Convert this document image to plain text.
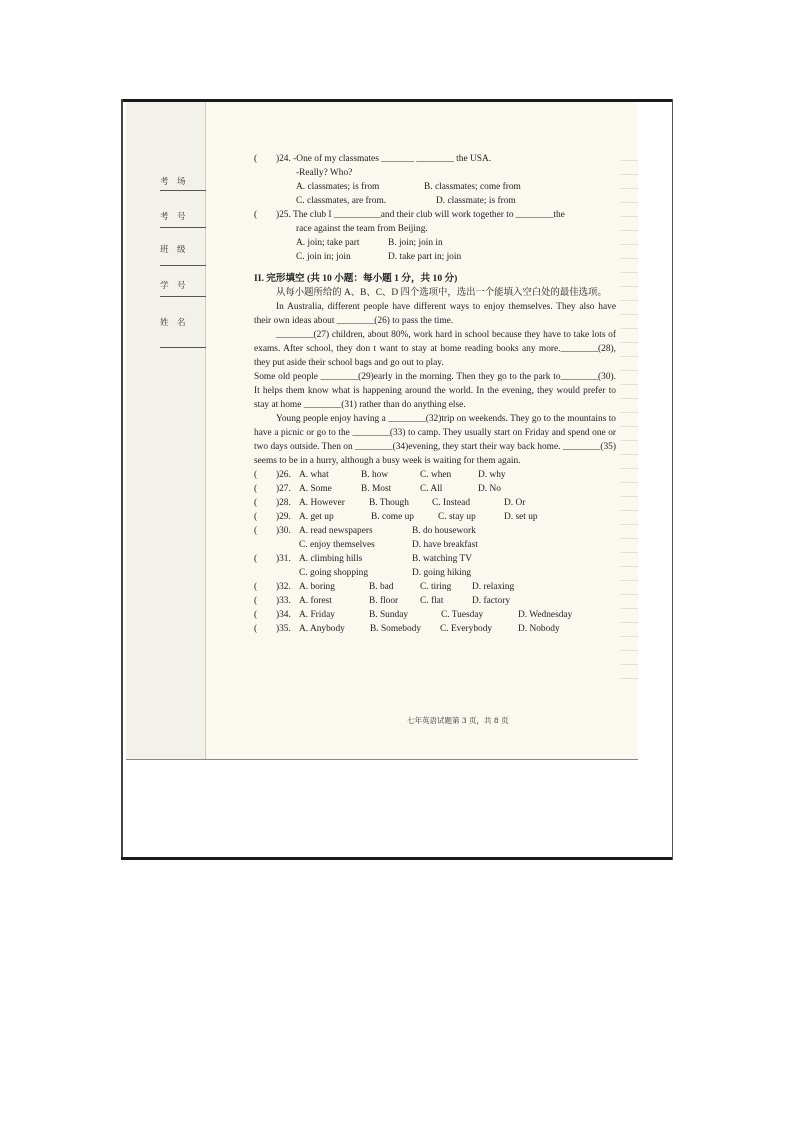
考　场
考　号
班　级
学　号
姓　名
( )24. -One of my classmates _______ ________ the USA.
-Really? Who?
A. classmates; is from	B. classmates; come from
C. classmates, are from.	D. classmate; is from
( )25. The club I __________and their club will work together to ________the
race against the team from Beijing.
A. join; take part	B. join; join in
C. join in; join	D. take part in; join
II. 完形填空 (共 10 小题：每小题 1 分，共 10 分)
从每小题所给的 A、B、C、D 四个选项中，选出一个能填入空白处的最佳选项。
In Australia, different people have different ways to enjoy themselves. They also have their own ideas about ________(26) to pass the time.
________(27) children, about 80%, work hard in school because they have to take lots of exams. After school, they don t want to stay at home reading books any more.________(28), they put aside their school bags and go out to play.
Some old people ________(29)early in the morning. Then they go to the park to________(30). It helps them know what is happening around the world. In the evening, they would prefer to stay at home ________(31) rather than do anything else.
Young people enjoy having a ________(32)trip on weekends. They go to the mountains to have a picnic or go to the ________(33) to camp. They usually start on Friday and spend one or two days outside. Then on ________(34)evening, they start their way back home. ________(35) seems to be in a hurry, although a busy week is waiting for them again.
( )26. A. what	B. how	C. when	D. why
( )27. A. Some	B. Most	C. All	D. No
( )28. A. However	B. Though C. Instead	D. Or
( )29. A. get up	B. come up	C. stay up	D. set up
( )30. A. read newspapers	B. do housework
C. enjoy themselves	D. have breakfast
( )31. A. climbing hills	B. watching TV
C. going shopping	D. going hiking
( )32. A. boring	B. bad	C. tiring D. relaxing
( )33. A. forest	B. floor C. flat	D. factory
( )34. A. Friday	B. Sunday	C. Tuesday	D. Wednesday
( )35. A. Anybody	B. Somebody C. Everybody	D. Nobody
七年英语试题第 3 页，共 8 页
